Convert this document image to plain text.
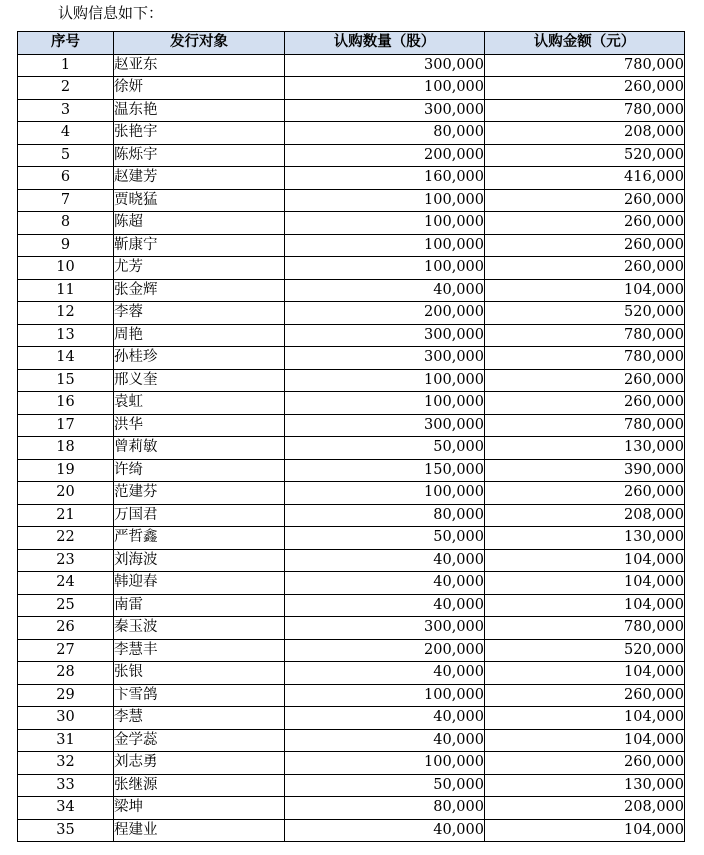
认购信息如下：
序号	发行对象	认购数量（股）	认购金额（元）
1	赵亚东	300,000	780,000
2	徐妍	100,000	260,000
3	温东艳	300,000	780,000
4	张艳宇	80,000	208,000
5	陈烁宇	200,000	520,000
6	赵建芳	160,000	416,000
7	贾晓猛	100,000	260,000
8	陈超	100,000	260,000
9	靳康宁	100,000	260,000
10	尤芳	100,000	260,000
11	张金辉	40,000	104,000
12	李蓉	200,000	520,000
13	周艳	300,000	780,000
14	孙桂珍	300,000	780,000
15	邢义奎	100,000	260,000
16	袁虹	100,000	260,000
17	洪华	300,000	780,000
18	曾莉敏	50,000	130,000
19	许绮	150,000	390,000
20	范建芬	100,000	260,000
21	万国君	80,000	208,000
22	严哲鑫	50,000	130,000
23	刘海波	40,000	104,000
24	韩迎春	40,000	104,000
25	南雷	40,000	104,000
26	秦玉波	300,000	780,000
27	李慧丰	200,000	520,000
28	张银	40,000	104,000
29	卞雪鸽	100,000	260,000
30	李慧	40,000	104,000
31	金学蕊	40,000	104,000
32	刘志勇	100,000	260,000
33	张继源	50,000	130,000
34	梁坤	80,000	208,000
35	程建业	40,000	104,000
